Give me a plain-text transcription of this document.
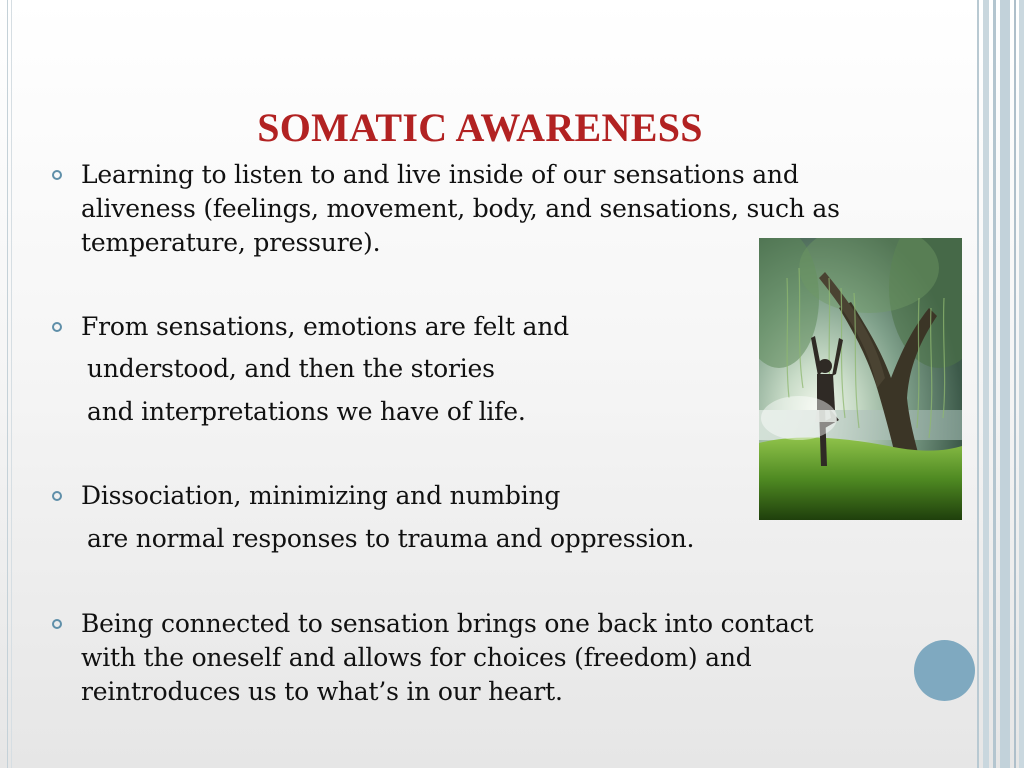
SOMATIC AWARENESS
Learning to listen to and live inside of our sensations and
aliveness (feelings, movement, body, and sensations, such as
temperature, pressure).
From sensations, emotions are felt and
understood, and then the stories
and interpretations we have of life.
Dissociation, minimizing and numbing
are normal responses to trauma and oppression.
Being connected to sensation brings one back into contact
with the oneself and allows for choices (freedom) and
reintroduces us to what’s in our heart.
